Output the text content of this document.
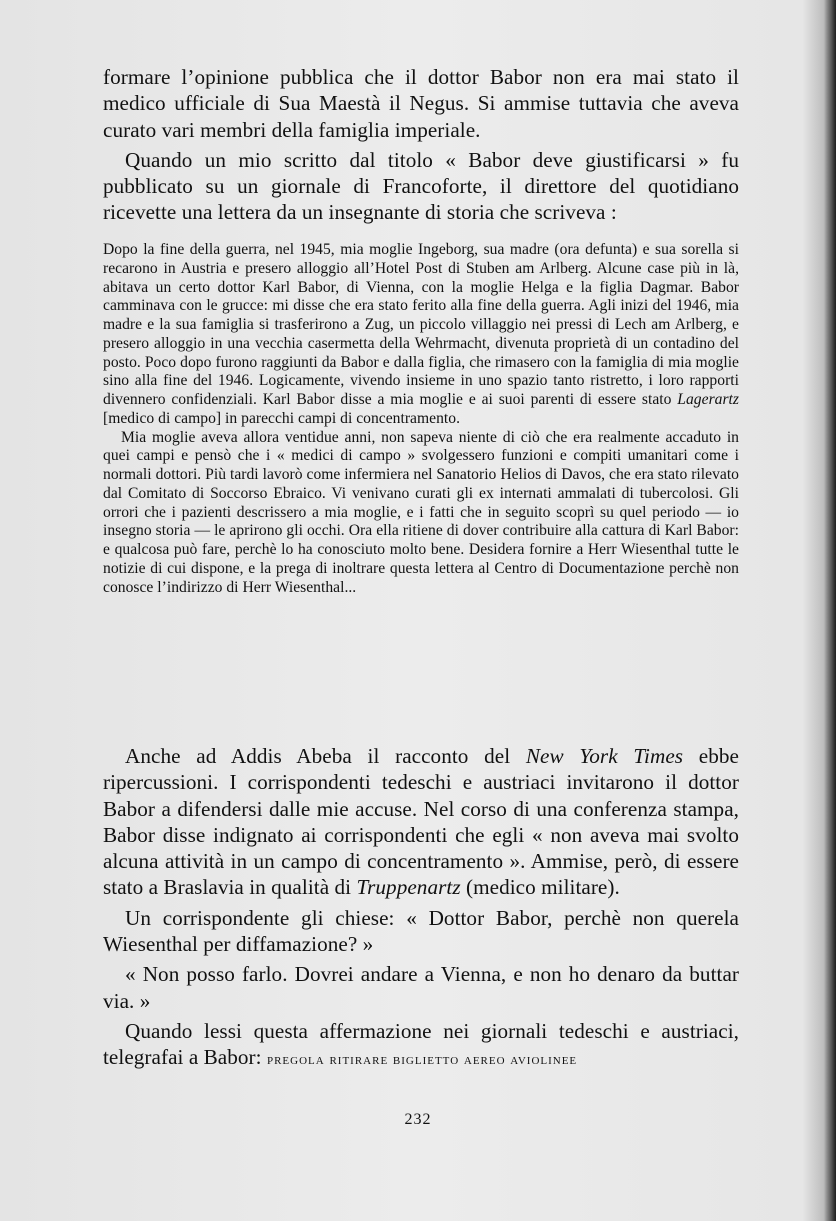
formare l’opinione pubblica che il dottor Babor non era mai stato il medico ufficiale di Sua Maestà il Negus. Si ammise tuttavia che aveva curato vari membri della famiglia imperiale.

Quando un mio scritto dal titolo « Babor deve giustificarsi » fu pubblicato su un giornale di Francoforte, il direttore del quotidiano ricevette una lettera da un insegnante di storia che scriveva :

Dopo la fine della guerra, nel 1945, mia moglie Ingeborg, sua madre (ora defunta) e sua sorella si recarono in Austria e presero alloggio all’Hotel Post di Stuben am Arlberg. Alcune case più in là, abitava un certo dottor Karl Babor, di Vienna, con la moglie Helga e la figlia Dagmar. Babor camminava con le grucce: mi disse che era stato ferito alla fine della guerra. Agli inizi del 1946, mia madre e la sua famiglia si trasferirono a Zug, un piccolo villaggio nei pressi di Lech am Arlberg, e presero alloggio in una vecchia casermetta della Wehrmacht, divenuta proprietà di un contadino del posto. Poco dopo furono raggiunti da Babor e dalla figlia, che rimasero con la famiglia di mia moglie sino alla fine del 1946. Logicamente, vivendo insieme in uno spazio tanto ristretto, i loro rapporti divennero confidenziali. Karl Babor disse a mia moglie e ai suoi parenti di essere stato Lagerartz [medico di campo] in parecchi campi di concentramento.

Mia moglie aveva allora ventidue anni, non sapeva niente di ciò che era realmente accaduto in quei campi e pensò che i « medici di campo » svolgessero funzioni e compiti umanitari come i normali dottori. Più tardi lavorò come infermiera nel Sanatorio Helios di Davos, che era stato rilevato dal Comitato di Soccorso Ebraico. Vi venivano curati gli ex internati ammalati di tubercolosi. Gli orrori che i pazienti descrissero a mia moglie, e i fatti che in seguito scoprì su quel periodo — io insegno storia — le aprirono gli occhi. Ora ella ritiene di dover contribuire alla cattura di Karl Babor: e qualcosa può fare, perchè lo ha conosciuto molto bene. Desidera fornire a Herr Wiesenthal tutte le notizie di cui dispone, e la prega di inoltrare questa lettera al Centro di Documentazione perchè non conosce l’indirizzo di Herr Wiesenthal...

Anche ad Addis Abeba il racconto del New York Times ebbe ripercussioni. I corrispondenti tedeschi e austriaci invitarono il dottor Babor a difendersi dalle mie accuse. Nel corso di una conferenza stampa, Babor disse indignato ai corrispondenti che egli « non aveva mai svolto alcuna attività in un campo di concentramento ». Ammise, però, di essere stato a Braslavia in qualità di Truppenartz (medico militare).

Un corrispondente gli chiese: « Dottor Babor, perchè non querela Wiesenthal per diffamazione? »

« Non posso farlo. Dovrei andare a Vienna, e non ho denaro da buttar via. »

Quando lessi questa affermazione nei giornali tedeschi e austriaci, telegrafai a Babor: pregola ritirare biglietto aereo aviolinee

232
